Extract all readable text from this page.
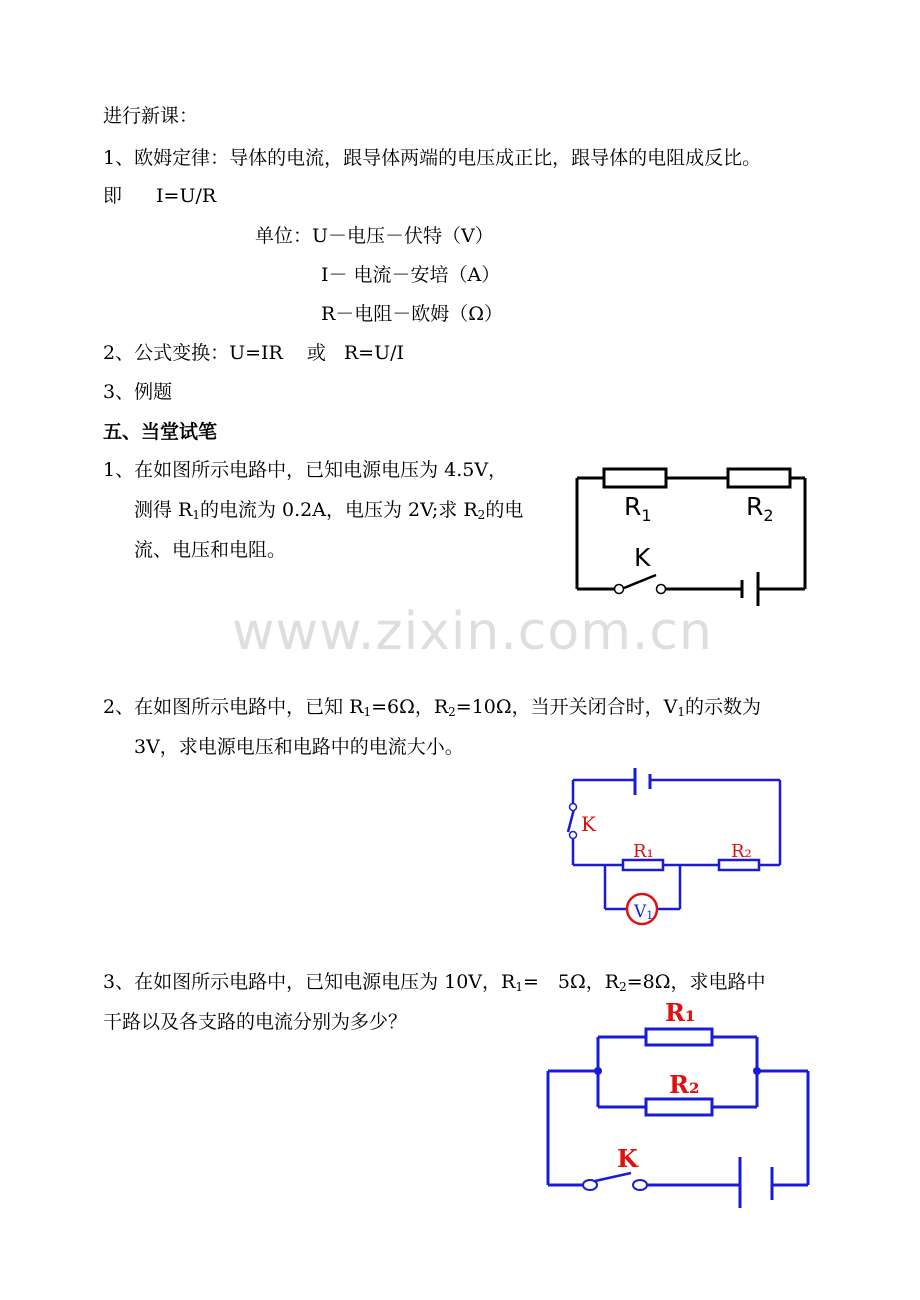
进行新课：
1、欧姆定律：导体的电流，跟导体两端的电压成正比，跟导体的电阻成反比。
即 I=U/R
单位：U－电压－伏特（V）
I－ 电流－安培（A）
R－电阻－欧姆（Ω）
2、公式变换：U=IR 或 R=U/I
3、例题
五、当堂试笔
1、在如图所示电路中，已知电源电压为 4.5V，
测得 $R_1$的电流为 0.2A，电压为 2V;求 $R_2$的电
流、电压和电阻。
$R_1$	$R_2$
K
www.zixin.com.cn
2、在如图所示电路中，已知 $R_1=6\Omega$，$R_2=10\Omega$，当开关闭合时，$V_1$的示数为
3V，求电源电压和电路中的电流大小。
V1
K
R₁	R₂
3、在如图所示电路中，已知电源电压为 10V，$R_1=$　5Ω，$R_2=8\Omega$，求电路中
干路以及各支路的电流分别为多少？	R₁
R₂
K
